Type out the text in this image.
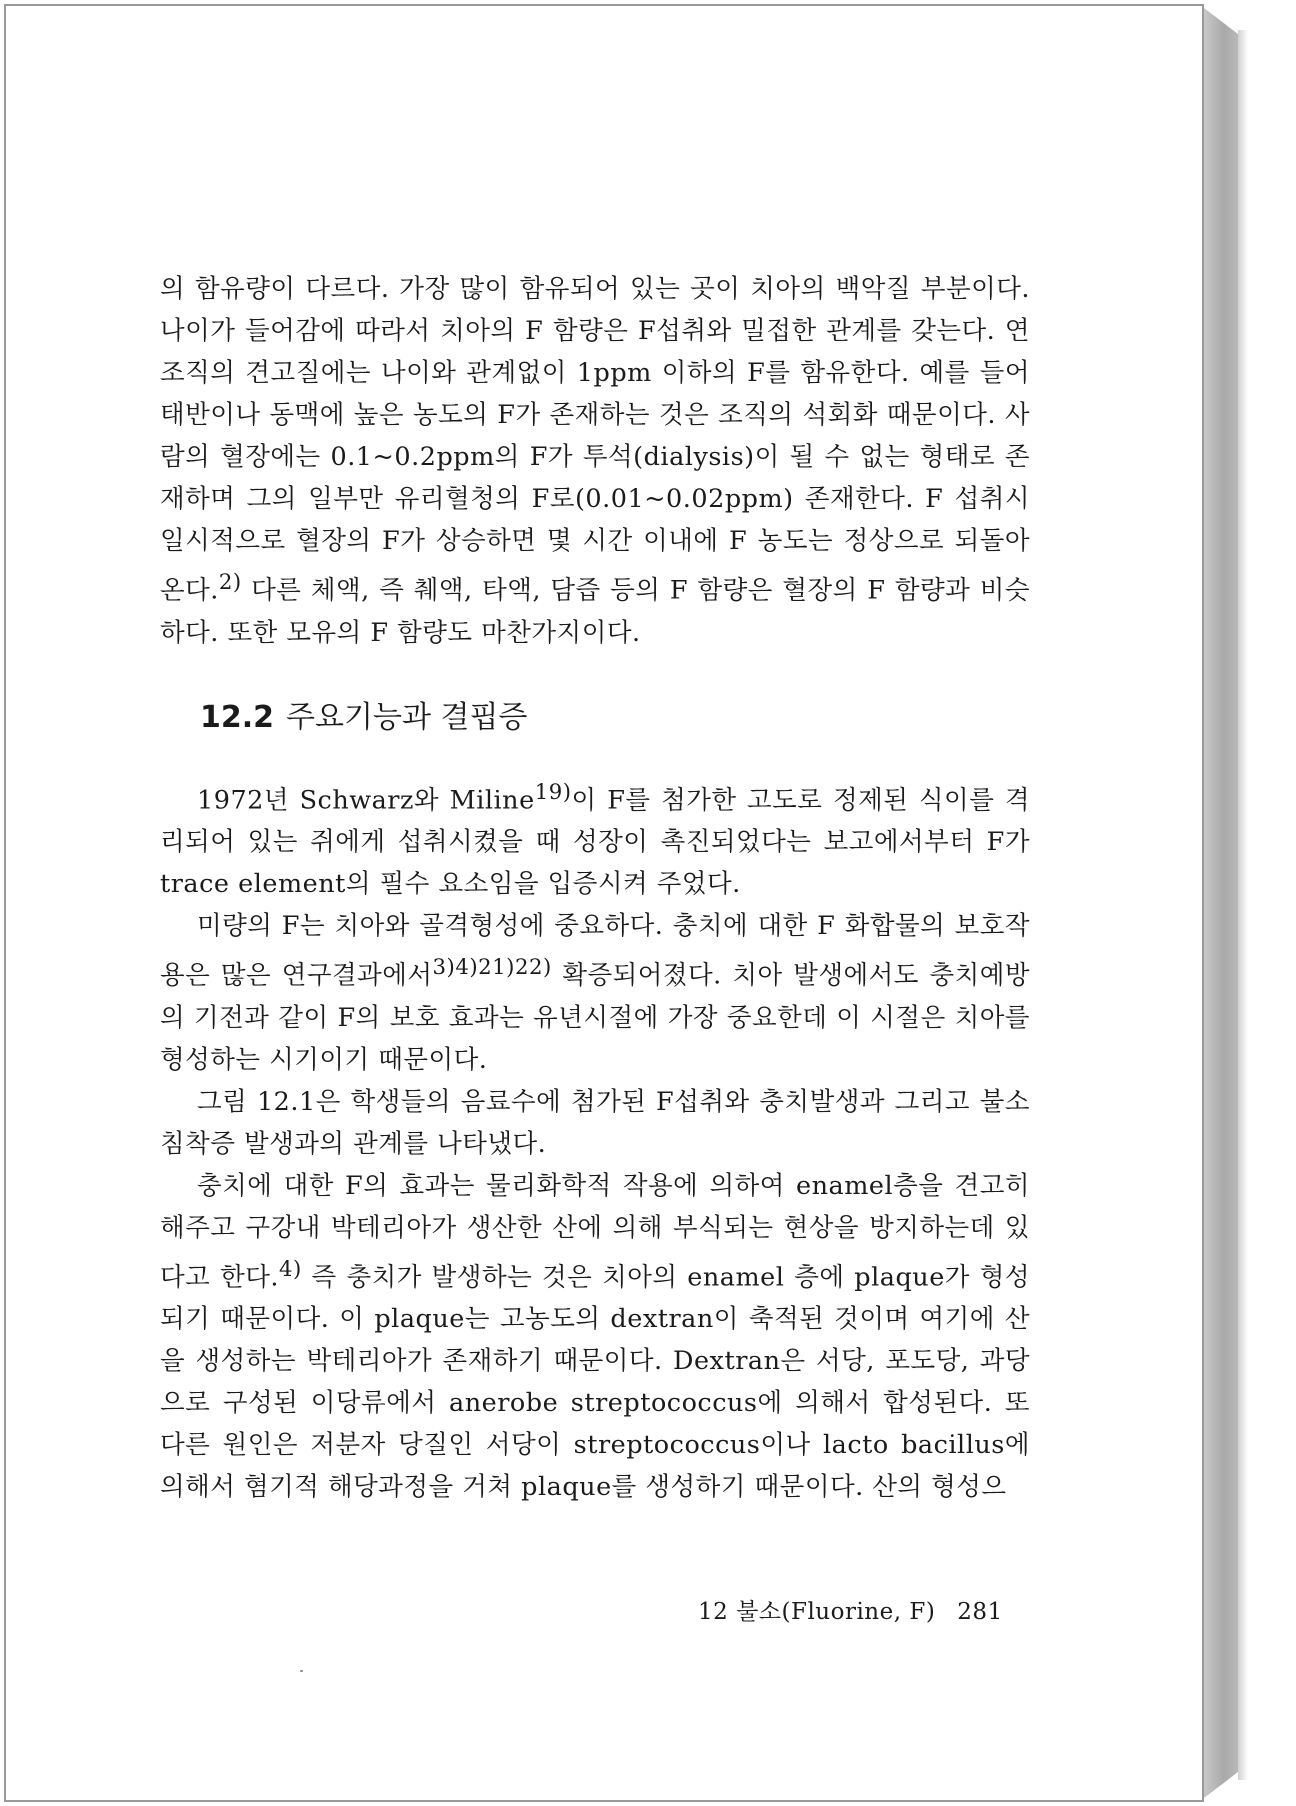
의 함유량이 다르다. 가장 많이 함유되어 있는 곳이 치아의 백악질 부분이다. 나이가 들어감에 따라서 치아의 F 함량은 F섭취와 밀접한 관계를 갖는다. 연조직의 견고질에는 나이와 관계없이 1ppm 이하의 F를 함유한다. 예를 들어 태반이나 동맥에 높은 농도의 F가 존재하는 것은 조직의 석회화 때문이다. 사람의 혈장에는 0.1~0.2ppm의 F가 투석(dialysis)이 될 수 없는 형태로 존재하며 그의 일부만 유리혈청의 F로(0.01~0.02ppm) 존재한다. F 섭취시 일시적으로 혈장의 F가 상승하면 몇 시간 이내에 F 농도는 정상으로 되돌아온다.$^{2)}$ 다른 체액, 즉 췌액, 타액, 담즙 등의 F 함량은 혈장의 F 함량과 비슷하다. 또한 모유의 F 함량도 마찬가지이다.

12.2 주요기능과 결핍증

1972년 Schwarz와 Miline$^{19)}$이 F를 첨가한 고도로 정제된 식이를 격리되어 있는 쥐에게 섭취시켰을 때 성장이 촉진되었다는 보고에서부터 F가 trace element의 필수 요소임을 입증시켜 주었다.

미량의 F는 치아와 골격형성에 중요하다. 충치에 대한 F 화합물의 보호작용은 많은 연구결과에서$^{3)4)21)22)}$ 확증되어졌다. 치아 발생에서도 충치예방의 기전과 같이 F의 보호 효과는 유년시절에 가장 중요한데 이 시절은 치아를 형성하는 시기이기 때문이다.

그림 12.1은 학생들의 음료수에 첨가된 F섭취와 충치발생과 그리고 불소침착증 발생과의 관계를 나타냈다.

충치에 대한 F의 효과는 물리화학적 작용에 의하여 enamel층을 견고히 해주고 구강내 박테리아가 생산한 산에 의해 부식되는 현상을 방지하는데 있다고 한다.$^{4)}$ 즉 충치가 발생하는 것은 치아의 enamel 층에 plaque가 형성되기 때문이다. 이 plaque는 고농도의 dextran이 축적된 것이며 여기에 산을 생성하는 박테리아가 존재하기 때문이다. Dextran은 서당, 포도당, 과당으로 구성된 이당류에서 anerobe streptococcus에 의해서 합성된다. 또 다른 원인은 저분자 당질인 서당이 streptococcus이나 lacto bacillus에 의해서 혐기적 해당과정을 거쳐 plaque를 생성하기 때문이다. 산의 형성으

12 불소(Fluorine, F) 281
